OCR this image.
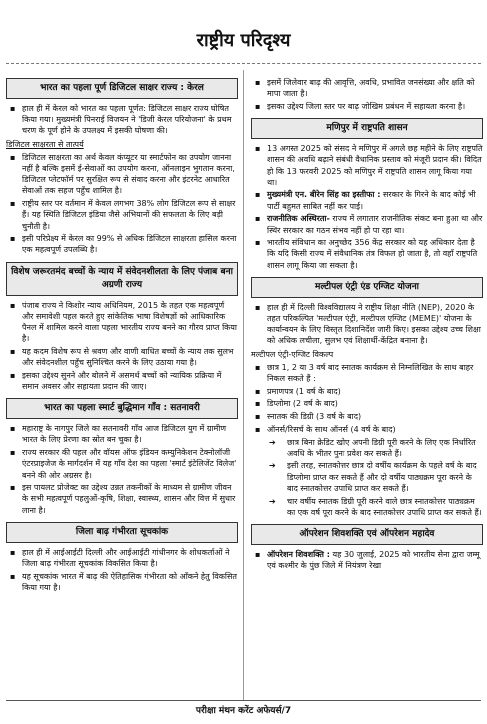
राष्ट्रीय परिदृश्य
भारत का पहला पूर्ण डिजिटल साक्षर राज्य : केरल
▪ हाल ही में केरल को भारत का पहला पूर्णत: डिजिटल साक्षर राज्य घोषित किया गया। मुख्यमंत्री पिनराई विजयन ने 'डिजी केरल परियोजना' के प्रथम चरण के पूर्ण होने के उपलक्ष्य में इसकी घोषणा की।
डिजिटल साक्षरता से तात्पर्य
▪ डिजिटल साक्षरता का अर्थ केवल कंप्यूटर या स्मार्टफोन का उपयोग जानना नहीं है बल्कि इसमें ई-सेवाओं का उपयोग करना, ऑनलाइन भुगतान करना, डिजिटल प्लेटफॉर्म पर सुरक्षित रूप से संवाद करना और इंटरनेट आधारित सेवाओं तक सहज पहुँच शामिल है।
▪ राष्ट्रीय स्तर पर वर्तमान में केवल लगभग 38% लोग डिजिटल रूप से साक्षर हैं। यह स्थिति डिजिटल इंडिया जैसे अभियानों की सफलता के लिए बड़ी चुनौती है।
▪ इसी परिप्रेक्ष्य में केरल का 99% से अधिक डिजिटल साक्षरता हासिल करना एक महत्वपूर्ण उपलब्धि है।
विशेष जरूरतमंद बच्चों के न्याय में संवेदनशीलता के लिए पंजाब बना अग्रणी राज्य
▪ पंजाब राज्य ने किशोर न्याय अधिनियम, 2015 के तहत एक महत्वपूर्ण और समावेशी पहल करते हुए सांकेतिक भाषा विशेषज्ञों को आधिकारिक पैनल में शामिल करने वाला पहला भारतीय राज्य बनने का गौरव प्राप्त किया है।
▪ यह कदम विशेष रूप से श्रवण और वाणी बाधित बच्चों के न्याय तक सुलभ और संवेदनशील पहुँच सुनिश्चित करने के लिए उठाया गया है।
▪ इसका उद्देश्य सुनने और बोलने में असमर्थ बच्चों को न्यायिक प्रक्रिया में समान अवसर और सहायता प्रदान की जाए।
भारत का पहला स्मार्ट बुद्धिमान गाँव : सतनावरी
▪ महाराष्ट्र के नागपुर जिले का सतनावरी गाँव आज डिजिटल युग में ग्रामीण भारत के लिए प्रेरणा का स्रोत बन चुका है।
▪ राज्य सरकार की पहल और वॉयस ऑफ इंडियन कम्युनिकेशन टेक्नोलॉजी एंटरप्राइजेज के मार्गदर्शन में यह गाँव देश का पहला 'स्मार्ट इंटेलिजेंट विलेज' बनने की ओर अग्रसर है।
▪ इस पायलट प्रोजेक्ट का उद्देश्य उन्नत तकनीकों के माध्यम से ग्रामीण जीवन के सभी महत्वपूर्ण पहलुओं-कृषि, शिक्षा, स्वास्थ्य, शासन और वित्त में सुधार लाना है।
जिला बाढ़ गंभीरता सूचकांक
▪ हाल ही में आईआईटी दिल्ली और आईआईटी गांधीनगर के शोधकर्ताओं ने जिला बाढ़ गंभीरता सूचकांक विकसित किया है।
▪ यह सूचकांक भारत में बाढ़ की ऐतिहासिक गंभीरता को आँकने हेतु विकसित किया गया है।
▪ इसमें जिलेवार बाढ़ की आवृत्ति, अवधि, प्रभावित जनसंख्या और क्षति को मापा जाता है।
▪ इसका उद्देश्य जिला स्तर पर बाढ़ जोखिम प्रबंधन में सहायता करना है।
मणिपुर में राष्ट्रपति शासन
▪ 13 अगस्त 2025 को संसद ने मणिपुर में अगले छह महीने के लिए राष्ट्रपति शासन की अवधि बढ़ाने संबंधी वैधानिक प्रस्ताव को मंजूरी प्रदान की। विदित हो कि 13 फरवरी 2025 को मणिपुर में राष्ट्रपति शासन लागू किया गया था।
▪ मुख्यमंत्री एन. बीरेन सिंह का इस्तीफा : सरकार के गिरने के बाद कोई भी पार्टी बहुमत साबित नहीं कर पाई।
▪ राजनीतिक अस्थिरता- राज्य में लगातार राजनीतिक संकट बना हुआ था और स्थिर सरकार का गठन संभव नहीं हो पा रहा था।
▪ भारतीय संविधान का अनुच्छेद 356 केंद्र सरकार को यह अधिकार देता है कि यदि किसी राज्य में संवैधानिक तंत्र विफल हो जाता है, तो वहाँ राष्ट्रपति शासन लागू किया जा सकता है।
मल्टीपल एंट्री एंड एग्जिट योजना
▪ हाल ही में दिल्ली विश्वविद्यालय ने राष्ट्रीय शिक्षा नीति (NEP), 2020 के तहत परिकल्पित 'मल्टीपल एंट्री, मल्टीपल एग्जिट (MEME)' योजना के कार्यान्वयन के लिए विस्तृत दिशानिर्देश जारी किए। इसका उद्देश्य उच्च शिक्षा को अधिक लचीला, सुलभ एवं शिक्षार्थी-केंद्रित बनाना है।
मल्टीपल एंट्री-एग्जिट विकल्प
▪ छात्र 1, 2 या 3 वर्ष बाद स्नातक कार्यक्रम से निम्नलिखित के साथ बाहर निकल सकते हैं :
▪ प्रमाणपत्र (1 वर्ष के बाद)
▪ डिप्लोमा (2 वर्ष के बाद)
▪ स्नातक की डिग्री (3 वर्ष के बाद)
▪ ऑनर्स/रिसर्च के साथ ऑनर्स (4 वर्ष के बाद)
➔ छात्र बिना क्रेडिट खोए अपनी डिग्री पूरी करने के लिए एक निर्धारित अवधि के भीतर पुनः प्रवेश कर सकते हैं।
➔ इसी तरह, स्नातकोत्तर छात्र दो वर्षीय कार्यक्रम के पहले वर्ष के बाद डिप्लोमा प्राप्त कर सकते हैं और दो वर्षीय पाठ्यक्रम पूरा करने के बाद स्नातकोत्तर उपाधि प्राप्त कर सकते हैं।
➔ चार वर्षीय स्नातक डिग्री पूरी करने वाले छात्र स्नातकोत्तर पाठ्यक्रम का एक वर्ष पूरा करने के बाद स्नातकोत्तर उपाधि प्राप्त कर सकते हैं।
ऑपरेशन शिवशक्ति एवं ऑपरेशन महादेव
▪ ऑपरेशन शिवशक्ति : यह 30 जुलाई, 2025 को भारतीय सेना द्वारा जम्मू एवं कश्मीर के पुंछ जिले में नियंत्रण रेखा
परीक्षा मंथन करेंट अफेयर्स/7
